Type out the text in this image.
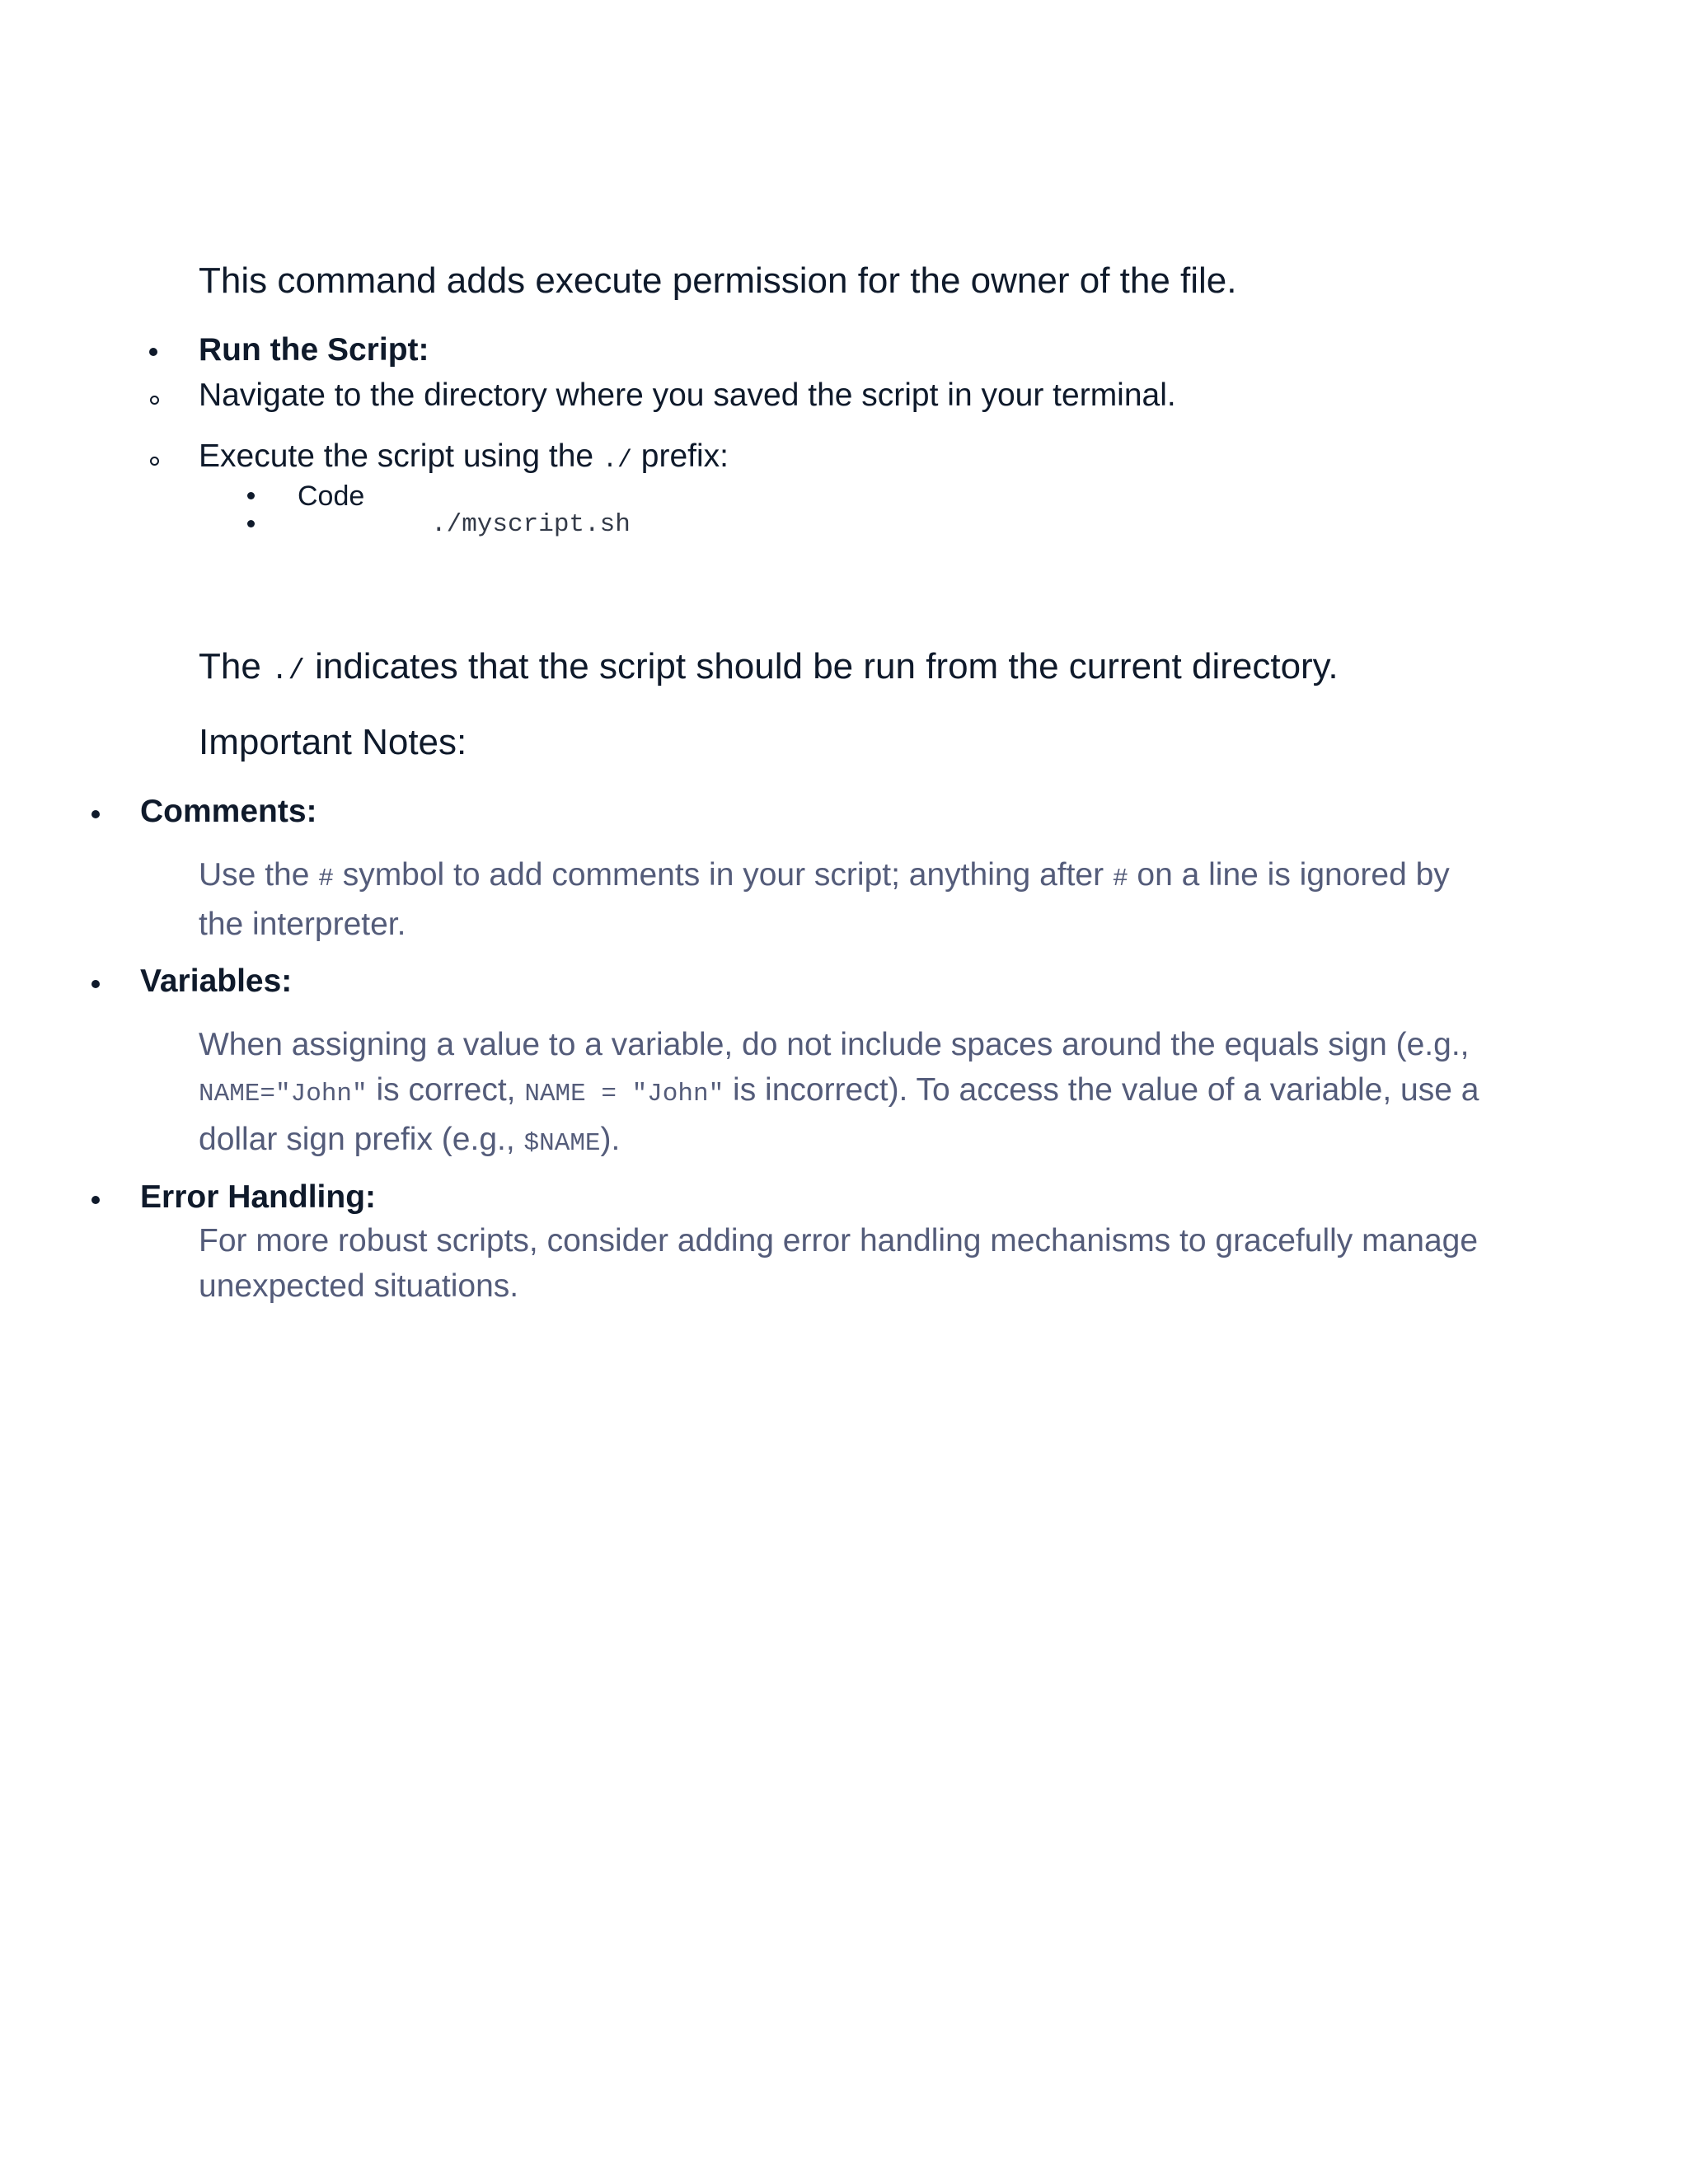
This command adds execute permission for the owner of the file.
Run the Script:
Navigate to the directory where you saved the script in your terminal.
Execute the script using the ./ prefix:
Code
./myscript.sh
The ./ indicates that the script should be run from the current directory.
Important Notes:
Comments:
Use the # symbol to add comments in your script; anything after # on a line is ignored by the interpreter.
Variables:
When assigning a value to a variable, do not include spaces around the equals sign (e.g., NAME="John" is correct, NAME = "John" is incorrect). To access the value of a variable, use a dollar sign prefix (e.g., $NAME).
Error Handling:
For more robust scripts, consider adding error handling mechanisms to gracefully manage unexpected situations.
